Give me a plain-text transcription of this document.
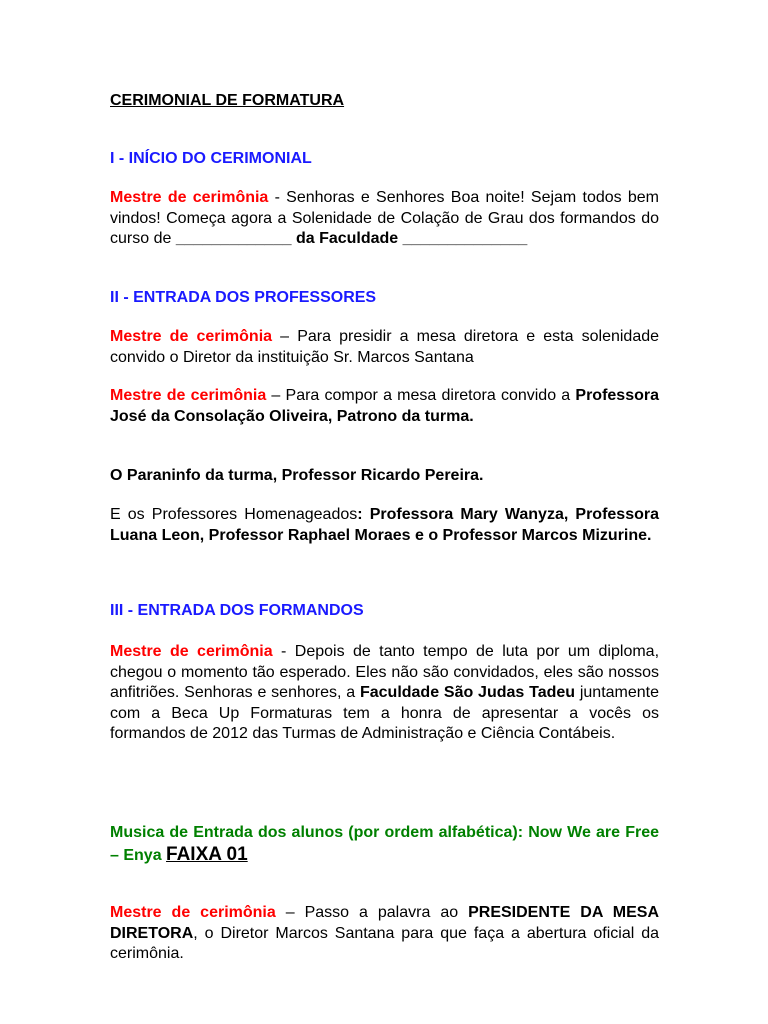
CERIMONIAL DE FORMATURA

I - INÍCIO DO CERIMONIAL

Mestre de cerimônia - Senhoras e Senhores Boa noite! Sejam todos bem vindos! Começa agora a Solenidade de Colação de Grau dos formandos do curso de _____________ da Faculdade ______________

II - ENTRADA DOS PROFESSORES

Mestre de cerimônia – Para presidir a mesa diretora e esta solenidade convido o Diretor da instituição Sr. Marcos Santana

Mestre de cerimônia – Para compor a mesa diretora convido a Professora José da Consolação Oliveira, Patrono da turma.

O Paraninfo da turma, Professor Ricardo Pereira.

E os Professores Homenageados: Professora Mary Wanyza, Professora Luana Leon, Professor Raphael Moraes e o Professor Marcos Mizurine.

III - ENTRADA DOS FORMANDOS

Mestre de cerimônia - Depois de tanto tempo de luta por um diploma, chegou o momento tão esperado. Eles não são convidados, eles são nossos anfitriões. Senhoras e senhores, a Faculdade São Judas Tadeu juntamente com a Beca Up Formaturas tem a honra de apresentar a vocês os formandos de 2012 das Turmas de Administração e Ciência Contábeis.

Musica de Entrada dos alunos (por ordem alfabética): Now We are Free – Enya FAIXA 01

Mestre de cerimônia – Passo a palavra ao PRESIDENTE DA MESA DIRETORA, o Diretor Marcos Santana para que faça a abertura oficial da cerimônia.
